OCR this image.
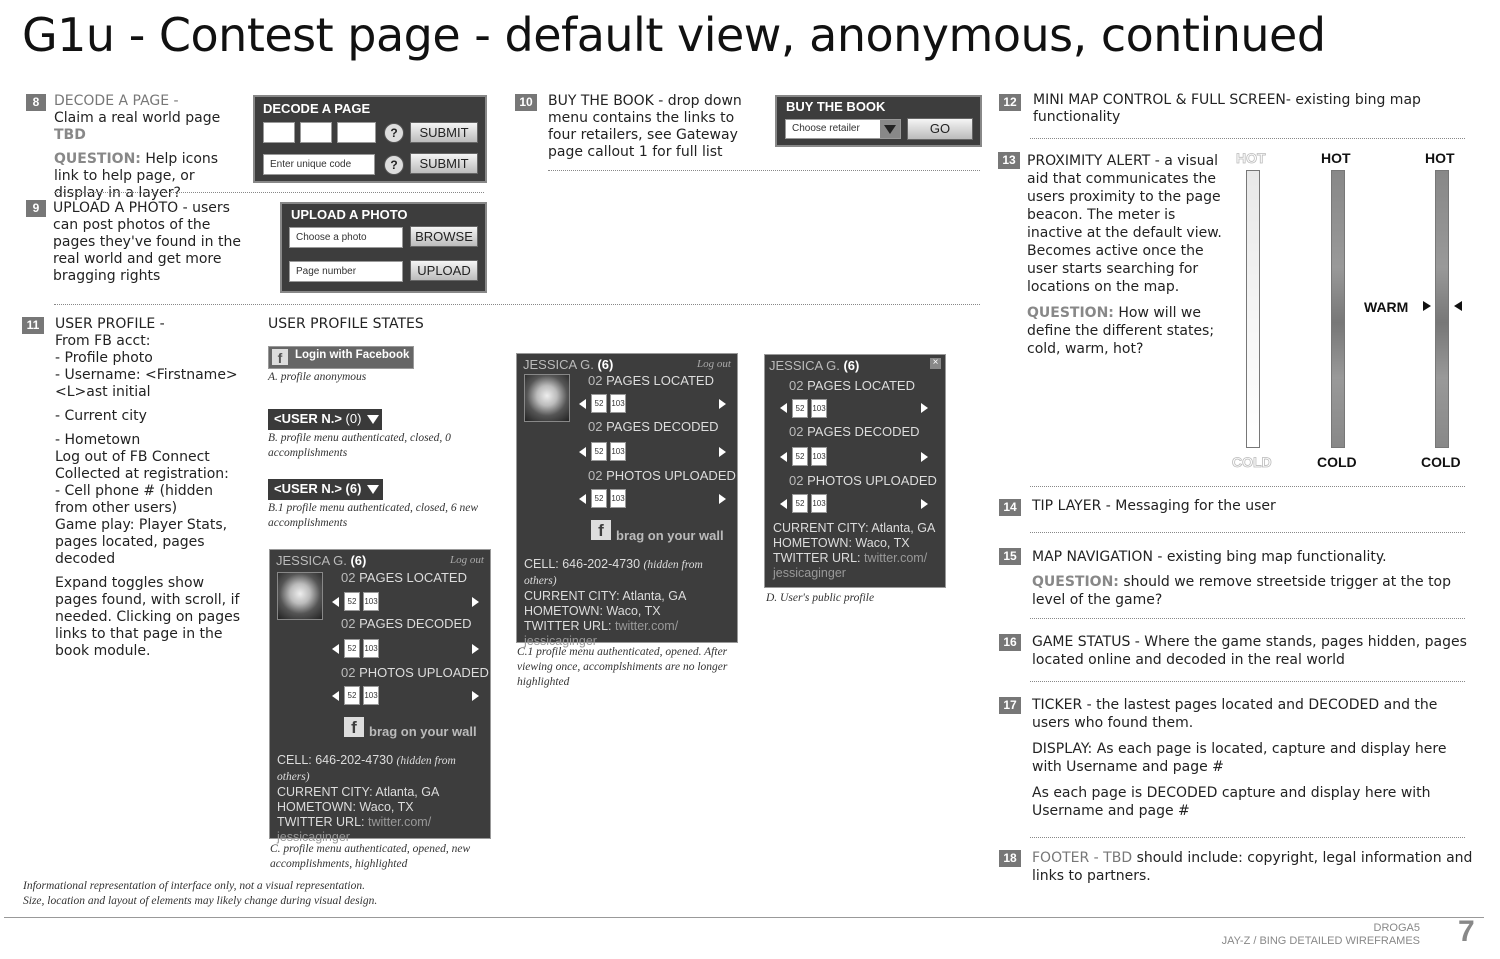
G1u - Contest page - default view, anonymous, continued
8	DECODE A PAGE -

Claim a real world page TBD

QUESTION: Help icons link to help page, or display in a layer?

DECODE A PAGE
?	SUBMIT
Enter unique code	?	SUBMIT
9 UPLOAD A PHOTO - users can post photos of the pages they've found in the real world and get more bragging rights
UPLOAD A PHOTO
Choose a photo	BROWSE
Page number	UPLOAD
10	BUY THE BOOK - drop down menu contains the links to four retailers, see Gateway page callout 1 for full list
BUY THE BOOK
Choose retailer	GO
11	USER PROFILE -

From FB acct:

- Profile photo

- Username: <Firstname>

<L>ast initial

- Current city

- Hometown

Log out of FB Connect

Collected at registration:

- Cell phone # (hidden from other users)

Game play: Player Stats, pages located, pages decoded

Expand toggles show pages found, with scroll, if needed. Clicking on pages links to that page in the book module.

USER PROFILE STATES
f	Login with Facebook
A. profile anonymous
<USER N.> (0)
B. profile menu authenticated, closed, 0 accomplishments
<USER N.> (6)
B.1 profile menu authenticated, closed, 6 new accomplishments
JESSICA G. (6)	Log out
02 PAGES LOCATED
52 103
02 PAGES DECODED
52 103
02 PHOTOS UPLOADED
52 103
f brag on your wall
CELL: 646-202-4730 (hidden from others)
CURRENT CITY: Atlanta, GA
HOMETOWN: Waco, TX
TWITTER URL: twitter.com/
jessicaginger
C. profile menu authenticated, opened, new accomplishments, highlighted
JESSICA G. (6)	Log out
02 PAGES LOCATED
52 103
02 PAGES DECODED
52 103
02 PHOTOS UPLOADED
52 103
f brag on your wall
CELL: 646-202-4730 (hidden from others)
CURRENT CITY: Atlanta, GA
HOMETOWN: Waco, TX
TWITTER URL: twitter.com/
jessicaginger
C.1 profile menu authenticated, opened. After viewing once, accomplshiments are no longer highlighted
JESSICA G. (6)	×
02 PAGES LOCATED
52 103
02 PAGES DECODED
52 103
02 PHOTOS UPLOADED
52 103
CURRENT CITY: Atlanta, GA
HOMETOWN: Waco, TX
TWITTER URL: twitter.com/
jessicaginger
D. User's public profile
12	MINI MAP CONTROL & FULL SCREEN- existing bing map functionality
13 PROXIMITY ALERT - a visual aid that communicates the users proximity to the page beacon. The meter is inactive at the default view. Becomes active once the user starts searching for locations on the map.

QUESTION: How will we define the different states; cold, warm, hot?

HOT
COLD
HOT
COLD
HOT
COLD
WARM
14	TIP LAYER - Messaging for the user
15	MAP NAVIGATION - existing bing map functionality.

QUESTION: should we remove streetside trigger at the top level of the game?

16	GAME STATUS - Where the game stands, pages hidden, pages located online and decoded in the real world
17	TICKER - the lastest pages located and DECODED and the users who found them.

DISPLAY: As each page is located, capture and display here with Username and page #

As each page is DECODED capture and display here with Username and page #

18	FOOTER - TBD should include: copyright, legal information and links to partners.
Informational representation of interface only, not a visual representation.
Size, location and layout of elements may likely change during visual design.
DROGA5
JAY-Z / BING DETAILED WIREFRAMES 7
